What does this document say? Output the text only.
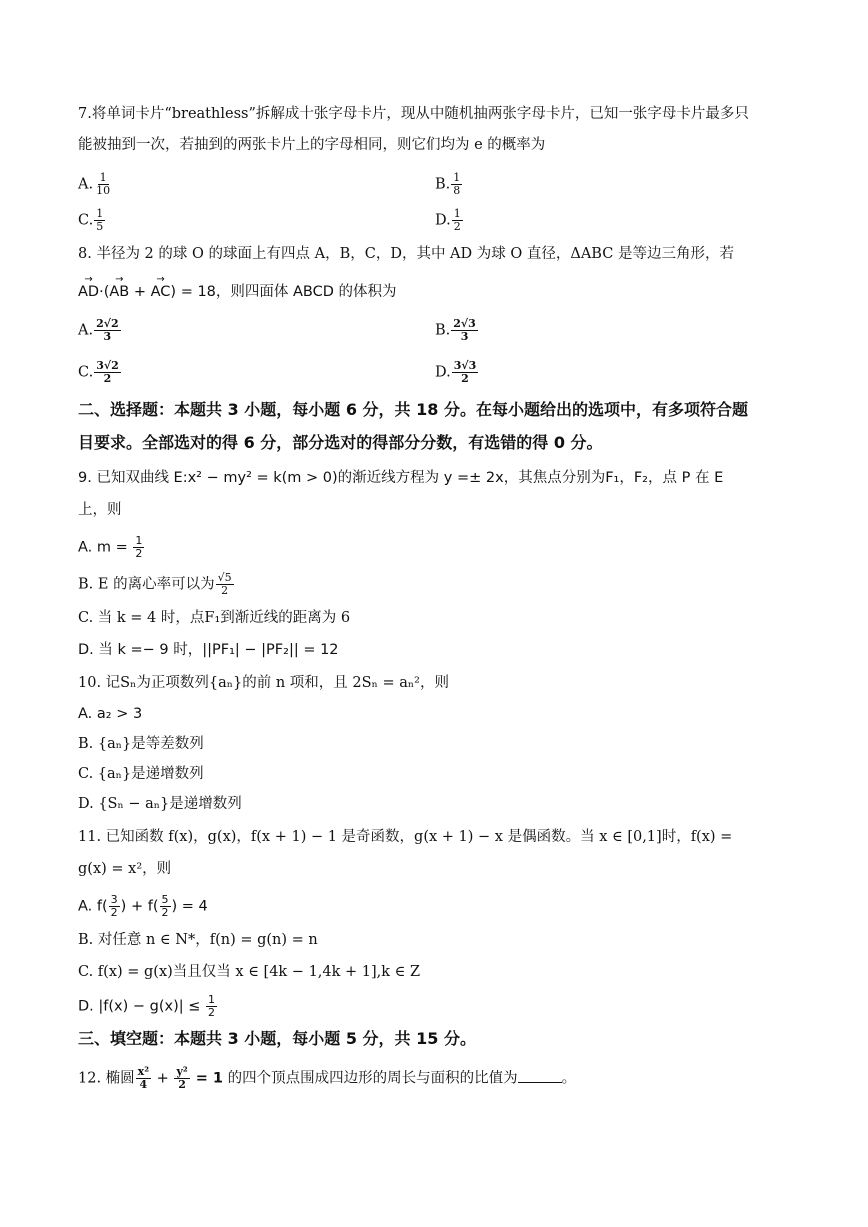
7.将单词卡片“breathless”拆解成十张字母卡片，现从中随机抽两张字母卡片，已知一张字母卡片最多只
能被抽到一次，若抽到的两张卡片上的字母相同，则它们均为 e 的概率为
A. $\frac{1}{10}$	B. $\frac{1}{8}$
C. $\frac{1}{5}$	D. $\frac{1}{2}$
8. 半径为 2 的球 O 的球面上有四点 A，B，C，D，其中 AD 为球 O 直径，ΔABC 是等边三角形，若
→ AD·(→ AB + → AC) = 18，则四面体 ABCD 的体积为
A. $\frac{2√2}{3}$	B. $\frac{2√3}{3}$
C. $\frac{3√2}{2}$	D. $\frac{3√3}{2}$
二、选择题：本题共 3 小题，每小题 6 分，共 18 分。在每小题给出的选项中，有多项符合题
目要求。全部选对的得 6 分，部分选对的得部分分数，有选错的得 0 分。
9. 已知双曲线 E:x² − my² = k(m > 0)的渐近线方程为 y =± 2x，其焦点分别为F₁，F₂，点 P 在 E
上，则
A. $m = \frac{1}{2}$
B. E 的离心率可以为 $\frac{√5}{2}$
C. 当 k = 4 时，点F₁到渐近线的距离为 6
D. 当 k =− 9 时，||PF₁| − |PF₂|| = 12
10. 记Sₙ为正项数列{aₙ}的前 n 项和，且 2Sₙ = aₙ²，则
A. a₂ > 3
B. {aₙ}是等差数列
C. {aₙ}是递增数列
D. {Sₙ − aₙ}是递增数列
11. 已知函数 f(x)，g(x)，f(x + 1) − 1 是奇函数，g(x + 1) − x 是偶函数。当 x ∈ [0,1]时，f(x) =
g(x) = x²，则
A. $f( \frac{3}{2}$ ) + $f( \frac{5}{2}$ ) = 4
B. 对任意 n ∈ N*，f(n) = g(n) = n
C. f(x) = g(x)当且仅当 x ∈ [4k − 1,4k + 1],k ∈ Z
D. $|f(x) - g(x)| \le \frac{1}{2}$
三、填空题：本题共 3 小题，每小题 5 分，共 15 分。
12. 椭圆 $\frac{\text{x²}}{4} + \frac{\text{y²}}{2} = 1$ 的四个顶点围成四边形的周长与面积的比值为	。
